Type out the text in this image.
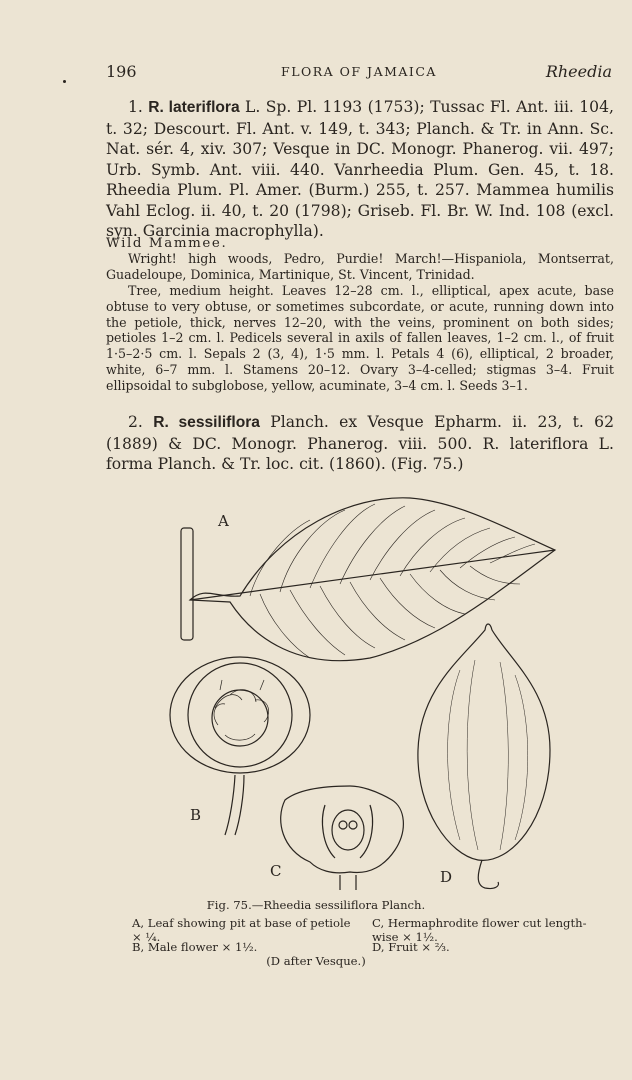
196	FLORA OF JAMAICA	Rheedia

1. R. lateriflora L. Sp. Pl. 1193 (1753); Tussac Fl. Ant. iii. 104, t. 32; Descourt. Fl. Ant. v. 149, t. 343; Planch. & Tr. in Ann. Sc. Nat. sér. 4, xiv. 307; Vesque in DC. Monogr. Phanerog. vii. 497; Urb. Symb. Ant. viii. 440. Vanrheedia Plum. Gen. 45, t. 18. Rheedia Plum. Pl. Amer. (Burm.) 255, t. 257. Mammea humilis Vahl Eclog. ii. 40, t. 20 (1798); Griseb. Fl. Br. W. Ind. 108 (excl. syn. Garcinia macrophylla).

Wild Mammee.

Wright! high woods, Pedro, Purdie! March!—Hispaniola, Montserrat, Guadeloupe, Dominica, Martinique, St. Vincent, Trinidad.

Tree, medium height. Leaves 12–28 cm. l., elliptical, apex acute, base obtuse to very obtuse, or sometimes subcordate, or acute, running down into the petiole, thick, nerves 12–20, with the veins, prominent on both sides; petioles 1–2 cm. l. Pedicels several in axils of fallen leaves, 1–2 cm. l., of fruit 1·5–2·5 cm. l. Sepals 2 (3, 4), 1·5 mm. l. Petals 4 (6), elliptical, 2 broader, white, 6–7 mm. l. Stamens 20–12. Ovary 3–4-celled; stigmas 3–4. Fruit ellipsoidal to subglobose, yellow, acuminate, 3–4 cm. l. Seeds 3–1.

2. R. sessiliflora Planch. ex Vesque Epharm. ii. 23, t. 62 (1889) & DC. Monogr. Phanerog. viii. 500. R. lateriflora L. forma Planch. & Tr. loc. cit. (1860). (Fig. 75.)

A
B
C	D
Fig. 75.—Rheedia sessiliflora Planch.
A, Leaf showing pit at base of petiole × ¼.
B, Male flower × 1½.
C, Hermaphrodite flower cut length-wise × 1½.
D, Fruit × ⅔.
(D after Vesque.)
